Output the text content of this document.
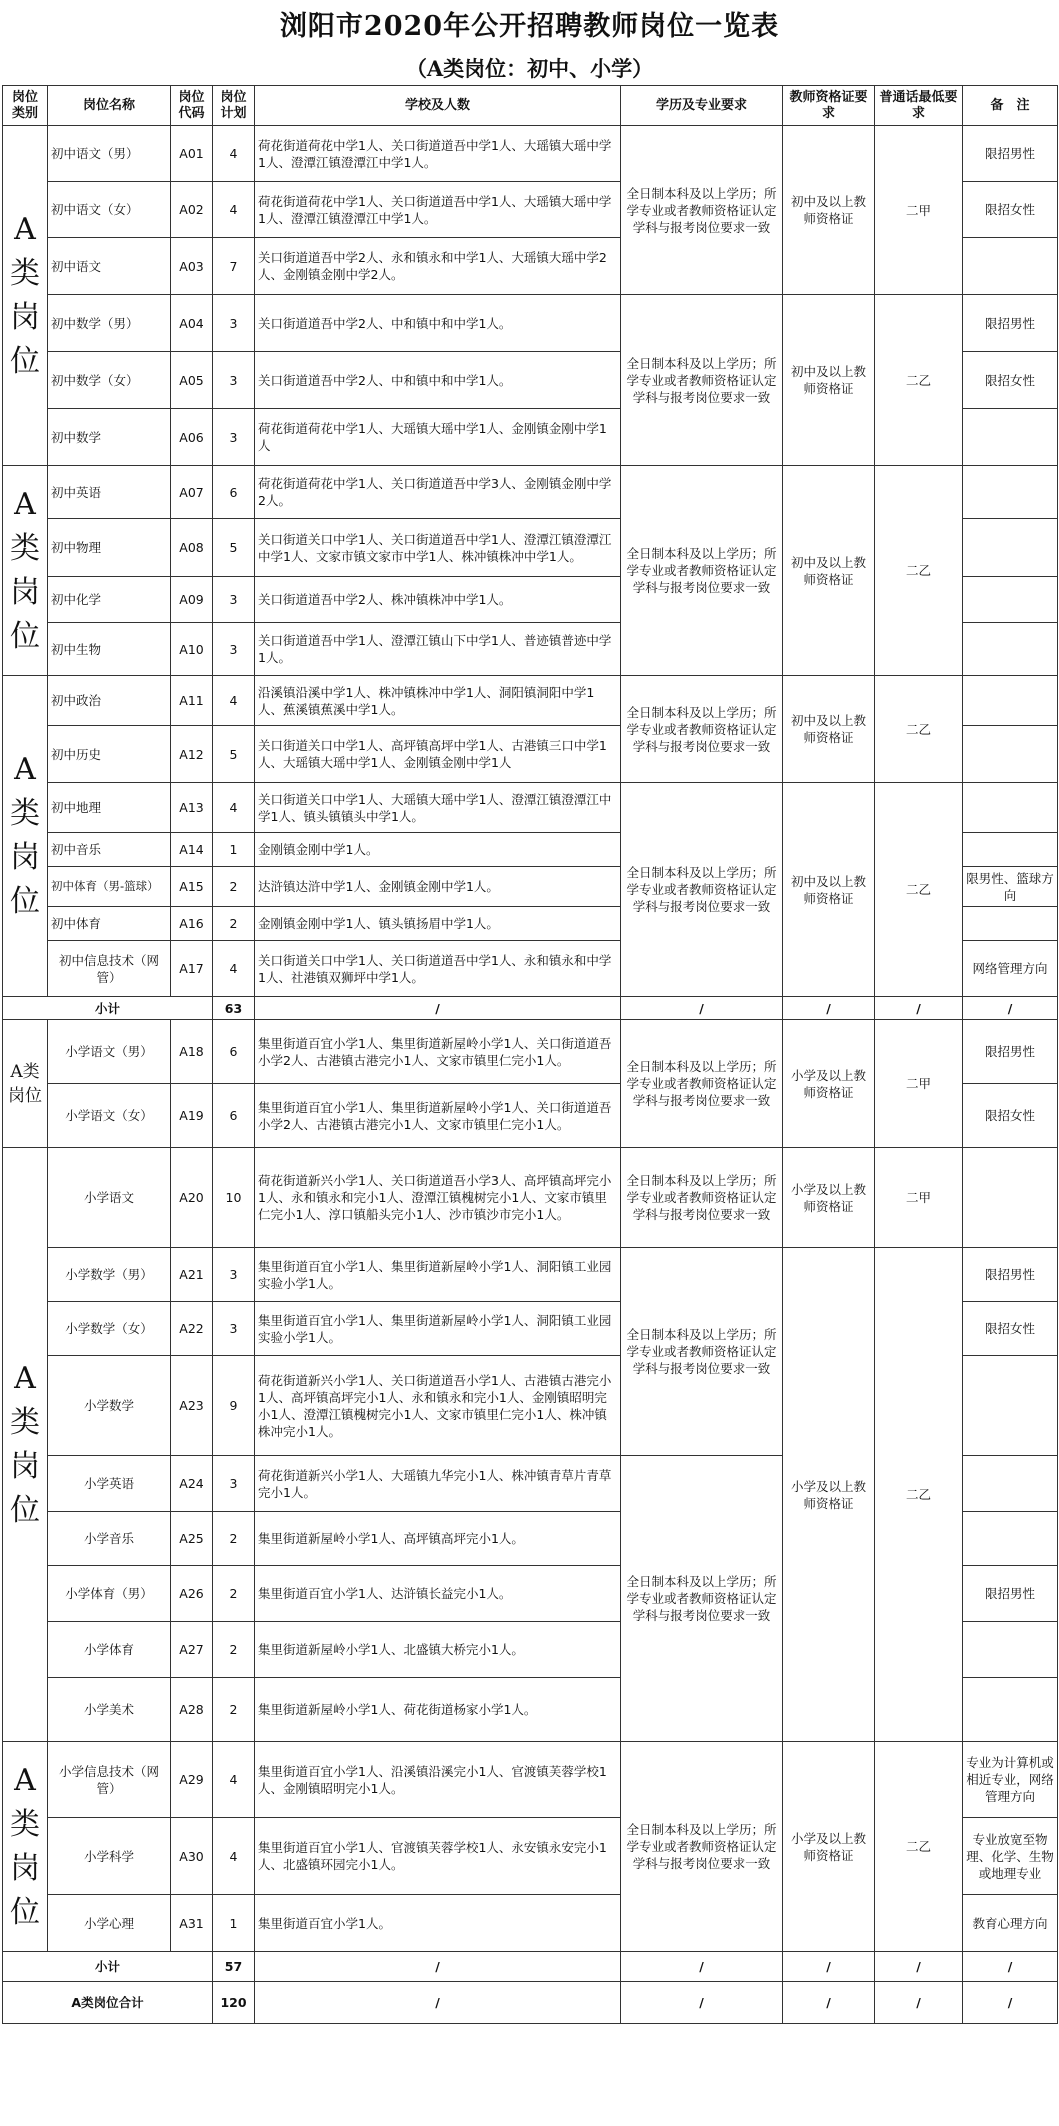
浏阳市2020年公开招聘教师岗位一览表
（A类岗位：初中、小学）
岗位类别	岗位名称	岗位代码	岗位计划	学校及人数	学历及专业要求	教师资格证要求	普通话最低要求	备　注
A类岗位	初中语文（男）	A01	4	荷花街道荷花中学1人、关口街道道吾中学1人、大瑶镇大瑶中学1人、澄潭江镇澄潭江中学1人。	全日制本科及以上学历；所学专业或者教师资格证认定学科与报考岗位要求一致	初中及以上教师资格证	二甲	限招男性
	初中语文（女）	A02	4	荷花街道荷花中学1人、关口街道道吾中学1人、大瑶镇大瑶中学1人、澄潭江镇澄潭江中学1人。				限招女性
	初中语文	A03	7	关口街道道吾中学2人、永和镇永和中学1人、大瑶镇大瑶中学2人、金刚镇金刚中学2人。				
	初中数学（男）	A04	3	关口街道道吾中学2人、中和镇中和中学1人。	全日制本科及以上学历；所学专业或者教师资格证认定学科与报考岗位要求一致	初中及以上教师资格证	二乙	限招男性
	初中数学（女）	A05	3	关口街道道吾中学2人、中和镇中和中学1人。				限招女性
	初中数学	A06	3	荷花街道荷花中学1人、大瑶镇大瑶中学1人、金刚镇金刚中学1人				
A类岗位	初中英语	A07	6	荷花街道荷花中学1人、关口街道道吾中学3人、金刚镇金刚中学2人。	全日制本科及以上学历；所学专业或者教师资格证认定学科与报考岗位要求一致	初中及以上教师资格证	二乙	
	初中物理	A08	5	关口街道关口中学1人、关口街道道吾中学1人、澄潭江镇澄潭江中学1人、文家市镇文家市中学1人、株冲镇株冲中学1人。				
	初中化学	A09	3	关口街道道吾中学2人、株冲镇株冲中学1人。				
	初中生物	A10	3	关口街道道吾中学1人、澄潭江镇山下中学1人、普迹镇普迹中学1人。				
A类岗位	初中政治	A11	4	沿溪镇沿溪中学1人、株冲镇株冲中学1人、洞阳镇洞阳中学1人、蕉溪镇蕉溪中学1人。	全日制本科及以上学历；所学专业或者教师资格证认定学科与报考岗位要求一致	初中及以上教师资格证	二乙	
	初中历史	A12	5	关口街道关口中学1人、高坪镇高坪中学1人、古港镇三口中学1人、大瑶镇大瑶中学1人、金刚镇金刚中学1人				
	初中地理	A13	4	关口街道关口中学1人、大瑶镇大瑶中学1人、澄潭江镇澄潭江中学1人、镇头镇镇头中学1人。	全日制本科及以上学历；所学专业或者教师资格证认定学科与报考岗位要求一致	初中及以上教师资格证	二乙	
	初中音乐	A14	1	金刚镇金刚中学1人。				
	初中体育（男-篮球）	A15	2	达浒镇达浒中学1人、金刚镇金刚中学1人。				限男性、篮球方向
	初中体育	A16	2	金刚镇金刚中学1人、镇头镇扬眉中学1人。				
	初中信息技术（网管）	A17	4	关口街道关口中学1人、关口街道道吾中学1人、永和镇永和中学1人、社港镇双狮坪中学1人。				网络管理方向
小计			63	/	/	/	/	/
A类岗位	小学语文（男）	A18	6	集里街道百宜小学1人、集里街道新屋岭小学1人、关口街道道吾小学2人、古港镇古港完小1人、文家市镇里仁完小1人。	全日制本科及以上学历；所学专业或者教师资格证认定学科与报考岗位要求一致	小学及以上教师资格证	二甲	限招男性
	小学语文（女）	A19	6	集里街道百宜小学1人、集里街道新屋岭小学1人、关口街道道吾小学2人、古港镇古港完小1人、文家市镇里仁完小1人。				限招女性
A类岗位	小学语文	A20	10	荷花街道新兴小学1人、关口街道道吾小学3人、高坪镇高坪完小1人、永和镇永和完小1人、澄潭江镇槐树完小1人、文家市镇里仁完小1人、淳口镇船头完小1人、沙市镇沙市完小1人。	全日制本科及以上学历；所学专业或者教师资格证认定学科与报考岗位要求一致	小学及以上教师资格证	二甲	
	小学数学（男）	A21	3	集里街道百宜小学1人、集里街道新屋岭小学1人、洞阳镇工业园实验小学1人。	全日制本科及以上学历；所学专业或者教师资格证认定学科与报考岗位要求一致	小学及以上教师资格证	二乙	限招男性
	小学数学（女）	A22	3	集里街道百宜小学1人、集里街道新屋岭小学1人、洞阳镇工业园实验小学1人。				限招女性
	小学数学	A23	9	荷花街道新兴小学1人、关口街道道吾小学1人、古港镇古港完小1人、高坪镇高坪完小1人、永和镇永和完小1人、金刚镇昭明完小1人、澄潭江镇槐树完小1人、文家市镇里仁完小1人、株冲镇株冲完小1人。				
	小学英语	A24	3	荷花街道新兴小学1人、大瑶镇九华完小1人、株冲镇青草片青草完小1人。	全日制本科及以上学历；所学专业或者教师资格证认定学科与报考岗位要求一致			
	小学音乐	A25	2	集里街道新屋岭小学1人、高坪镇高坪完小1人。				
	小学体育（男）	A26	2	集里街道百宜小学1人、达浒镇长益完小1人。				限招男性
	小学体育	A27	2	集里街道新屋岭小学1人、北盛镇大桥完小1人。				
	小学美术	A28	2	集里街道新屋岭小学1人、荷花街道杨家小学1人。				
A类岗位	小学信息技术（网管）	A29	4	集里街道百宜小学1人、沿溪镇沿溪完小1人、官渡镇芙蓉学校1人、金刚镇昭明完小1人。	全日制本科及以上学历；所学专业或者教师资格证认定学科与报考岗位要求一致	小学及以上教师资格证	二乙	专业为计算机或相近专业，网络管理方向
	小学科学	A30	4	集里街道百宜小学1人、官渡镇芙蓉学校1人、永安镇永安完小1人、北盛镇环园完小1人。				专业放宽至物理、化学、生物或地理专业
	小学心理	A31	1	集里街道百宜小学1人。				教育心理方向
小计			57	/	/	/	/	/
A类岗位合计			120	/	/	/	/	/
